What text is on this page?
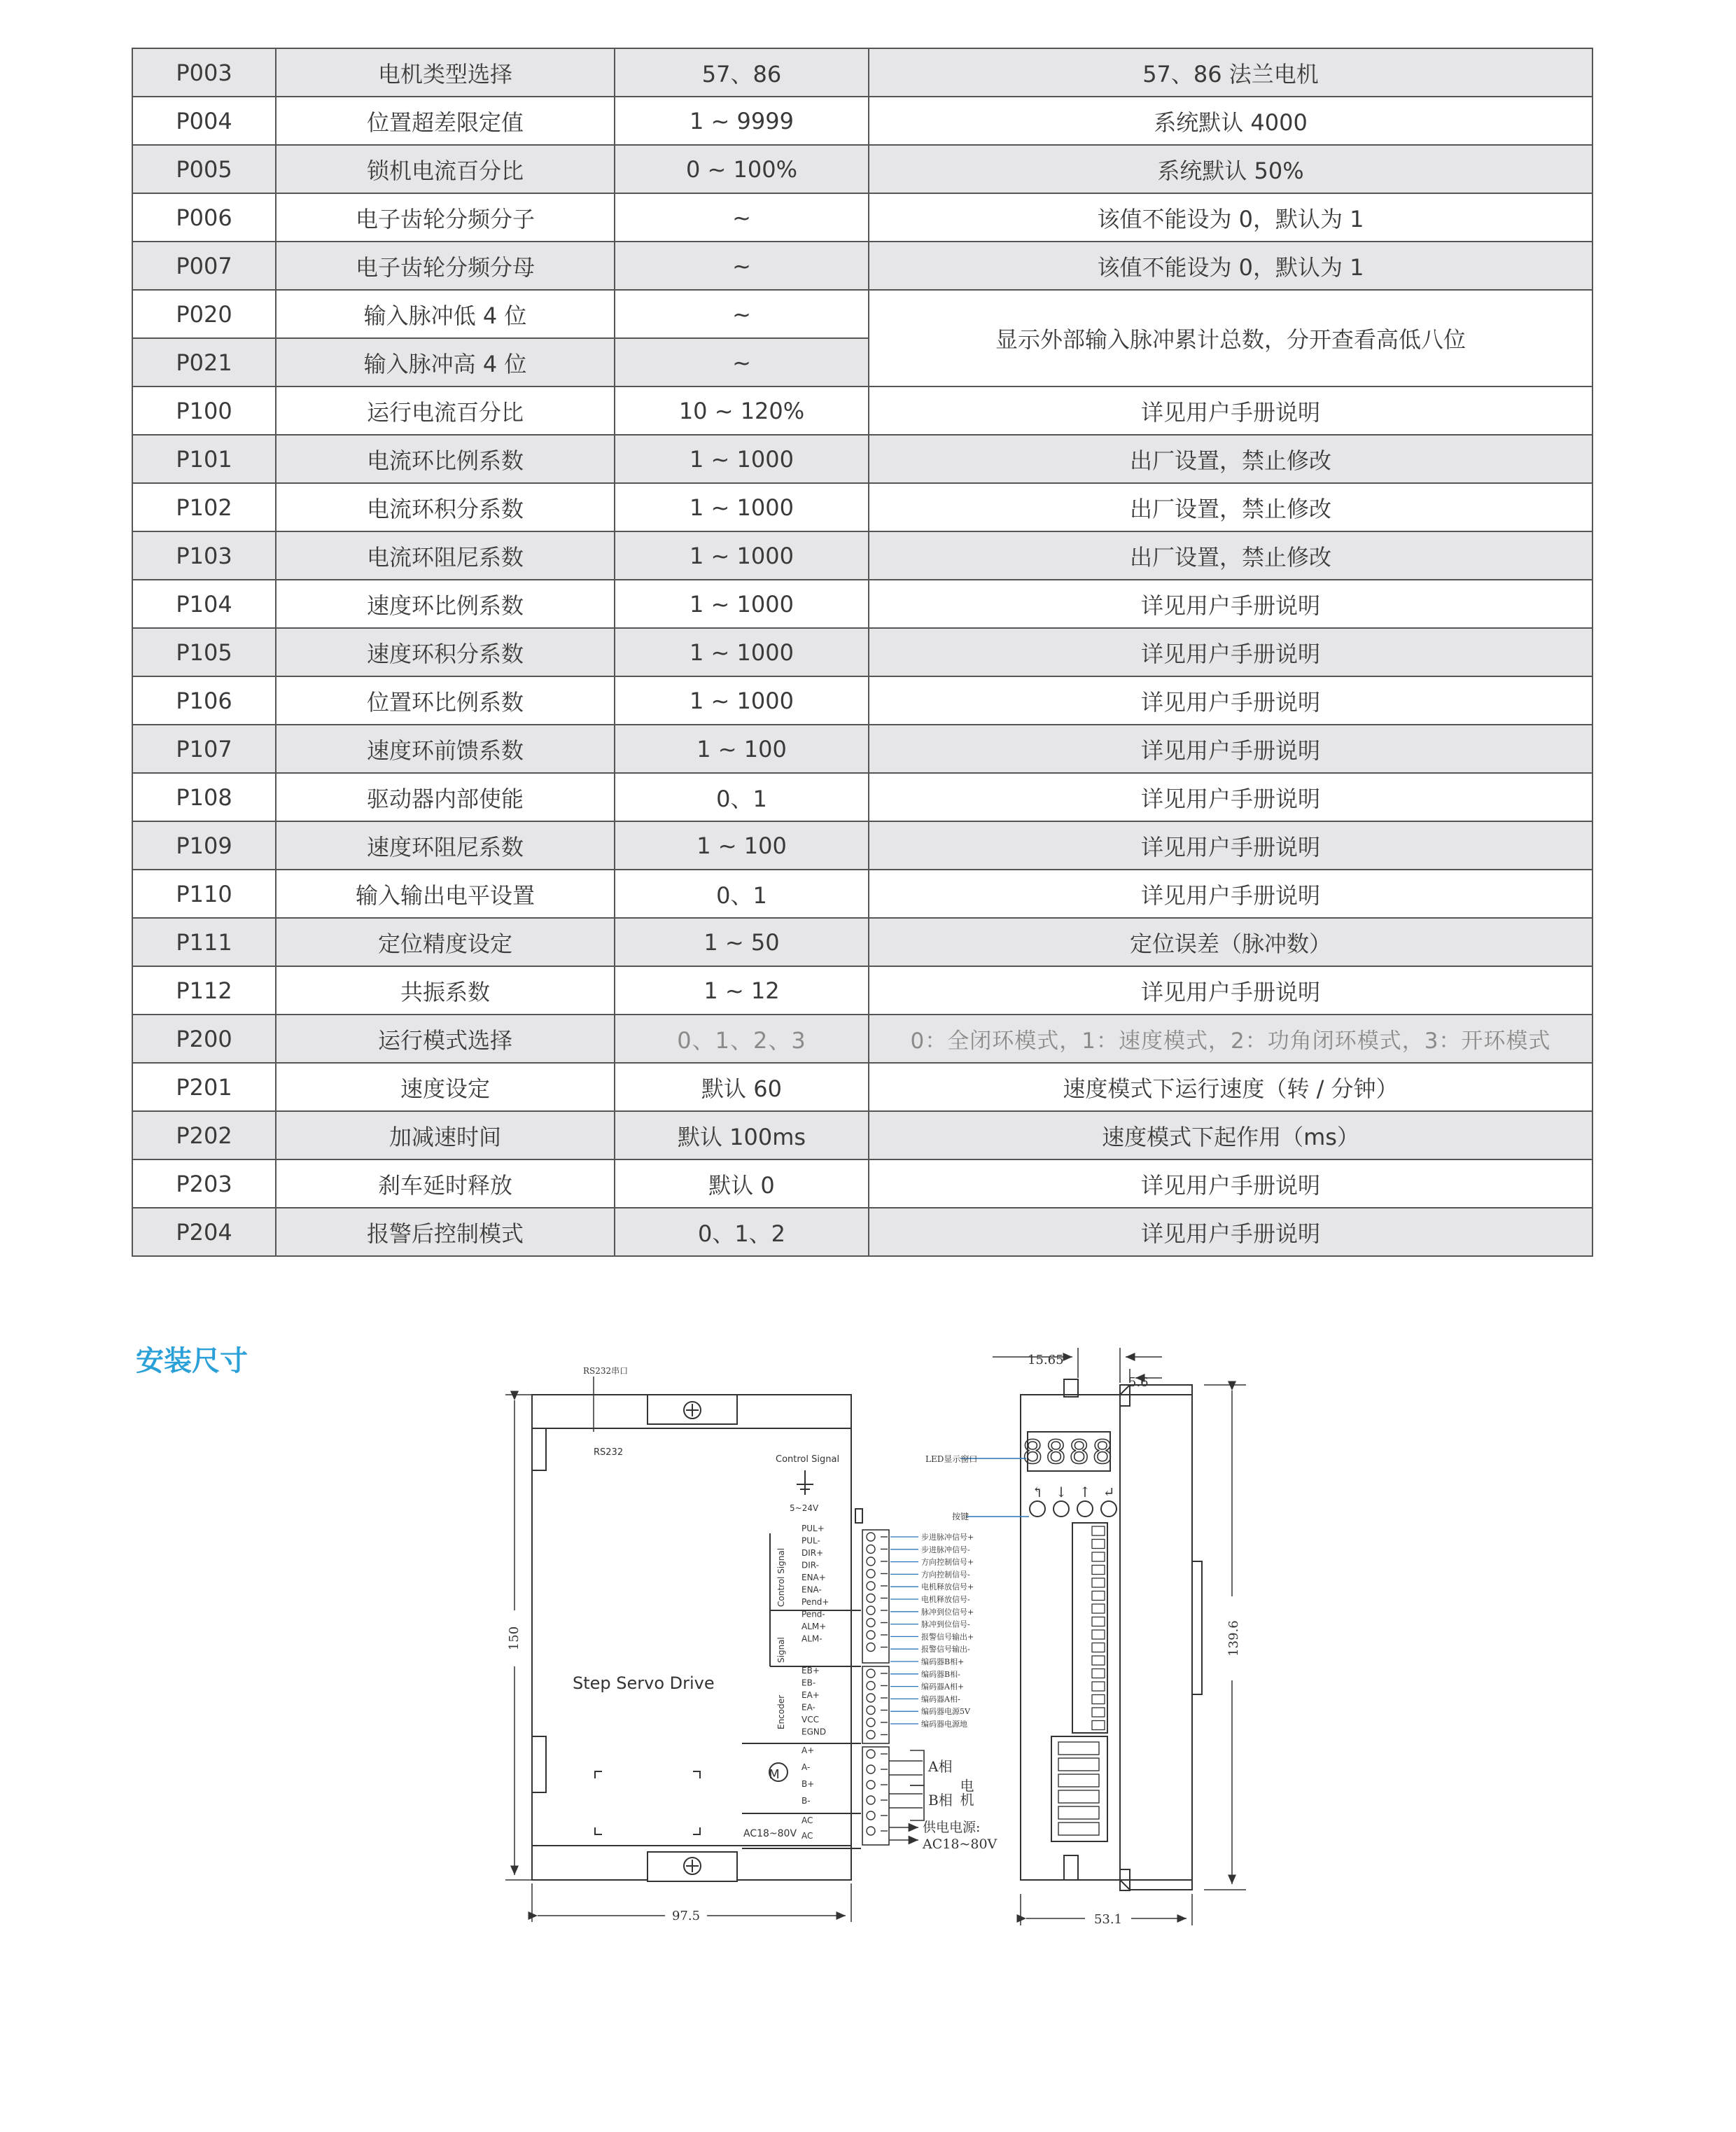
P003	电机类型选择	57、86	57、86 法兰电机
P004	位置超差限定值	1 ~ 9999	系统默认 4000
P005	锁机电流百分比	0 ~ 100%	系统默认 50%
P006	电子齿轮分频分子	~	该值不能设为 0，默认为 1
P007	电子齿轮分频分母	~	该值不能设为 0，默认为 1
P020	输入脉冲低 4 位	~	显示外部输入脉冲累计总数，分开查看高低八位
P021	输入脉冲高 4 位	~	
P100	运行电流百分比	10 ~ 120%	详见用户手册说明
P101	电流环比例系数	1 ~ 1000	出厂设置，禁止修改
P102	电流环积分系数	1 ~ 1000	出厂设置，禁止修改
P103	电流环阻尼系数	1 ~ 1000	出厂设置，禁止修改
P104	速度环比例系数	1 ~ 1000	详见用户手册说明
P105	速度环积分系数	1 ~ 1000	详见用户手册说明
P106	位置环比例系数	1 ~ 1000	详见用户手册说明
P107	速度环前馈系数	1 ~ 100	详见用户手册说明
P108	驱动器内部使能	0、1	详见用户手册说明
P109	速度环阻尼系数	1 ~ 100	详见用户手册说明
P110	输入输出电平设置	0、1	详见用户手册说明
P111	定位精度设定	1 ~ 50	定位误差（脉冲数）
P112	共振系数	1 ~ 12	详见用户手册说明
P200	运行模式选择	0、1、2、3	0：全闭环模式，1：速度模式，2：功角闭环模式，3：开环模式
P201	速度设定	默认 60	速度模式下运行速度（转 / 分钟）
P202	加减速时间	默认 100ms	速度模式下起作用（ms）
P203	刹车延时释放	默认 0	详见用户手册说明
P204	报警后控制模式	0、1、2	详见用户手册说明
安装尺寸	RS232串口
RS232
Control Signal
5~24V
Control Signal
Signal
Encoder
PUL+
PUL-
DIR+
DIR-
ENA+
ENA-
Pend+
Pend-
ALM+
ALM-
EB+
EB-
EA+
EA-
VCC
EGND
A+
A-
B+
B-
AC
AC
M
AC18~80V
Step Servo Drive
150
97.5
步进脉冲信号+
步进脉冲信号-
方向控制信号+
方向控制信号-
电机释放信号+
电机释放信号-
脉冲到位信号+
脉冲到位信号-
报警信号输出+
报警信号输出-
编码器B相+
编码器B相-
编码器A相+
编码器A相-
编码器电源5V
编码器电源地
A相
B相 电机
供电电源:
AC18~80V
8888
↰ ↓ ↑ ↵
LED显示窗口
按键
15.65
5.6
139.6
53.1
